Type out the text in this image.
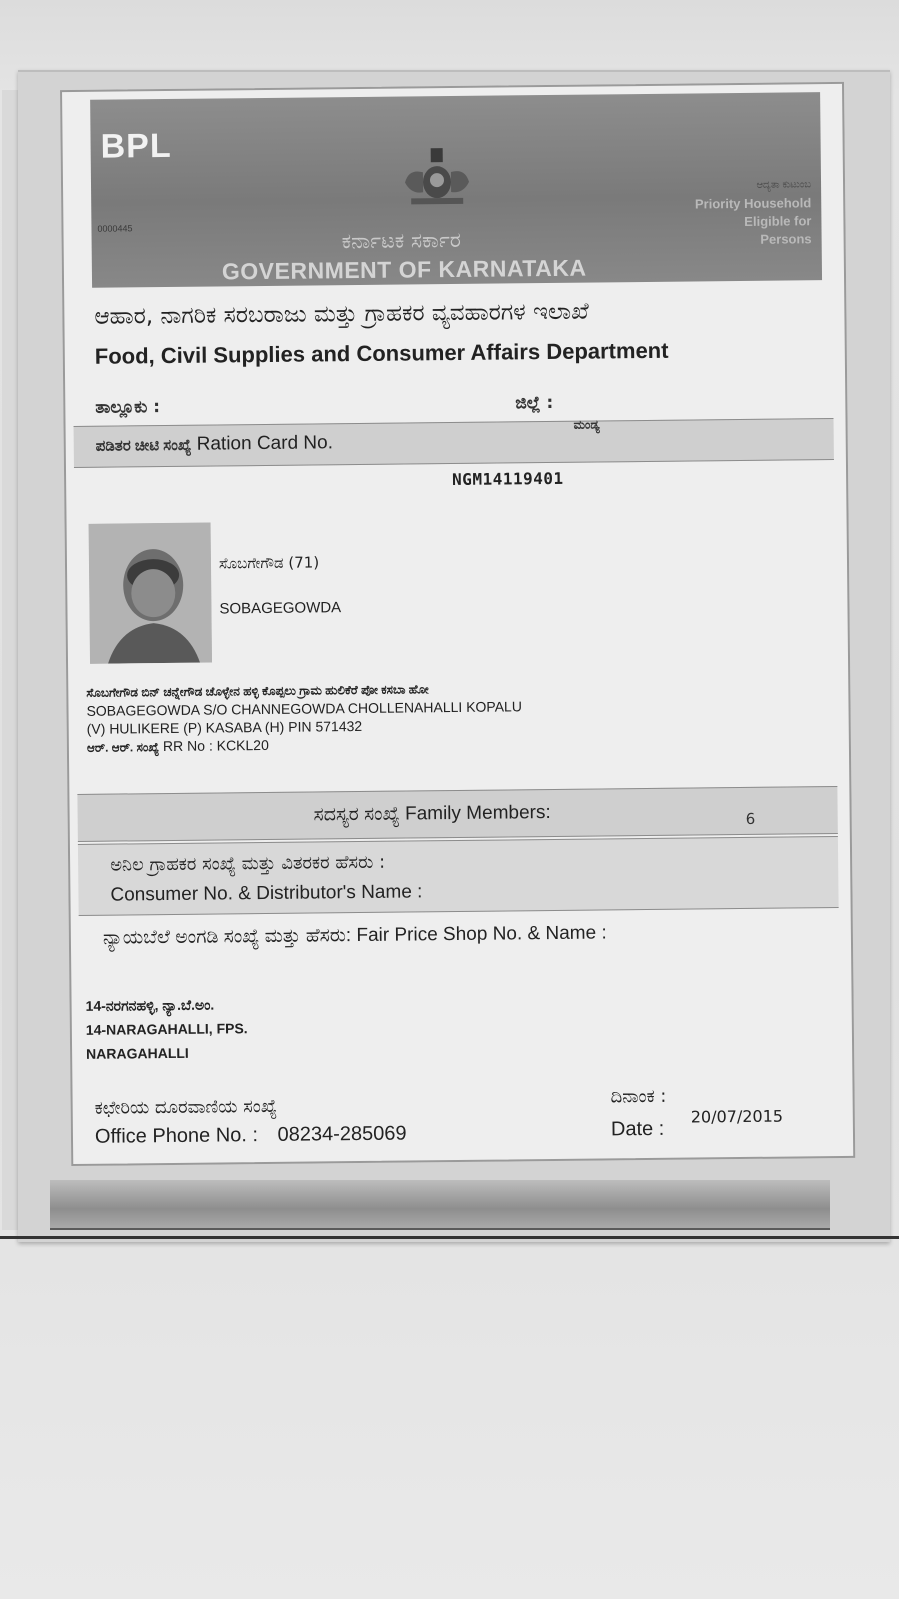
BPL
0000445	ಕರ್ನಾಟಕ ಸರ್ಕಾರ
GOVERNMENT OF KARNATAKA
ಆದ್ಯತಾ ಕುಟುಂಬ
Priority Household
Eligible for
Persons
ಆಹಾರ, ನಾಗರಿಕ ಸರಬರಾಜು ಮತ್ತು ಗ್ರಾಹಕರ ವ್ಯವಹಾರಗಳ ಇಲಾಖೆ
Food, Civil Supplies and Consumer Affairs Department
ತಾಲ್ಲೂಕು :	ಜಿಲ್ಲೆ :
ಪಡಿತರ ಚೀಟಿ ಸಂಖ್ಯೆ Ration Card No.
ಮಂಡ್ಯ
NGM14119401
ಸೊಬಗೇಗೌಡ (71)
SOBAGEGOWDA
ಸೊಬಗೇಗೌಡ ಬಿನ್ ಚನ್ನೇಗೌಡ ಚೊಳ್ಳೇನ ಹಳ್ಳಿ ಕೊಪ್ಪಲು ಗ್ರಾಮ ಹುಲಿಕೆರೆ ಪೋ ಕಸಬಾ ಹೋ
SOBAGEGOWDA S/O CHANNEGOWDA CHOLLENAHALLI KOPALU
(V) HULIKERE (P) KASABA (H) PIN 571432
ಆರ್. ಆರ್. ಸಂಖ್ಯೆ RR No : KCKL20
ಸದಸ್ಯರ ಸಂಖ್ಯೆ Family Members:	6
ಅನಿಲ ಗ್ರಾಹಕರ ಸಂಖ್ಯೆ ಮತ್ತು ವಿತರಕರ ಹೆಸರು :
Consumer No. & Distributor's Name :
ನ್ಯಾಯಬೆಲೆ ಅಂಗಡಿ ಸಂಖ್ಯೆ ಮತ್ತು ಹೆಸರು: Fair Price Shop No. & Name :
14-ನರಗನಹಳ್ಳಿ, ನ್ಯಾ.ಬೆ.ಅಂ.
14-NARAGAHALLI, FPS.
NARAGAHALLI
ಕಛೇರಿಯ ದೂರವಾಣಿಯ ಸಂಖ್ಯೆ
Office Phone No. : 08234-285069
ದಿನಾಂಕ :
Date :
20/07/2015
